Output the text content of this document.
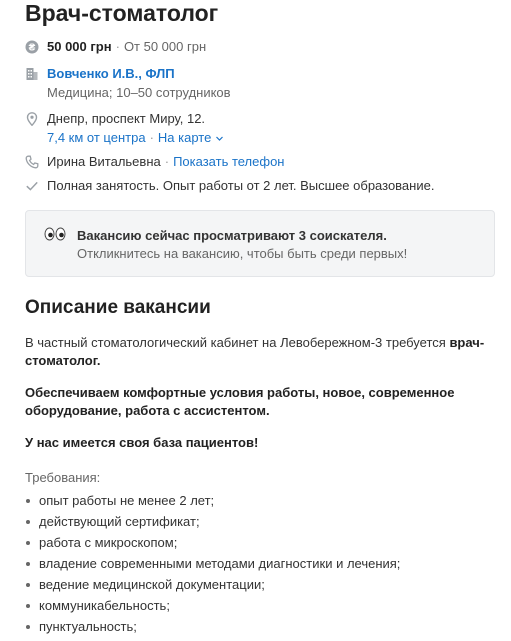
Врач-стоматолог
₴ 50 000 грн · От 50 000 грн
Вовченко И.В., ФЛП
Медицина; 10–50 сотрудников
Днепр, проспект Миру, 12.
7,4 км от центра · На карте
Ирина Витальевна · Показать телефон
Полная занятость. Опыт работы от 2 лет. Высшее образование.
Вакансию сейчас просматривают 3 соискателя.
Откликнитесь на вакансию, чтобы быть среди первых!
Описание вакансии
В частный стоматологический кабинет на Левобережном-3 требуется врач-стоматолог.
Обеспечиваем комфортные условия работы, новое, современное оборудование, работа с ассистентом.
У нас имеется своя база пациентов!
Требования:
опыт работы не менее 2 лет;
действующий сертификат;
работа с микроскопом;
владение современными методами диагностики и лечения;
ведение медицинской документации;
коммуникабельность;
пунктуальность;
